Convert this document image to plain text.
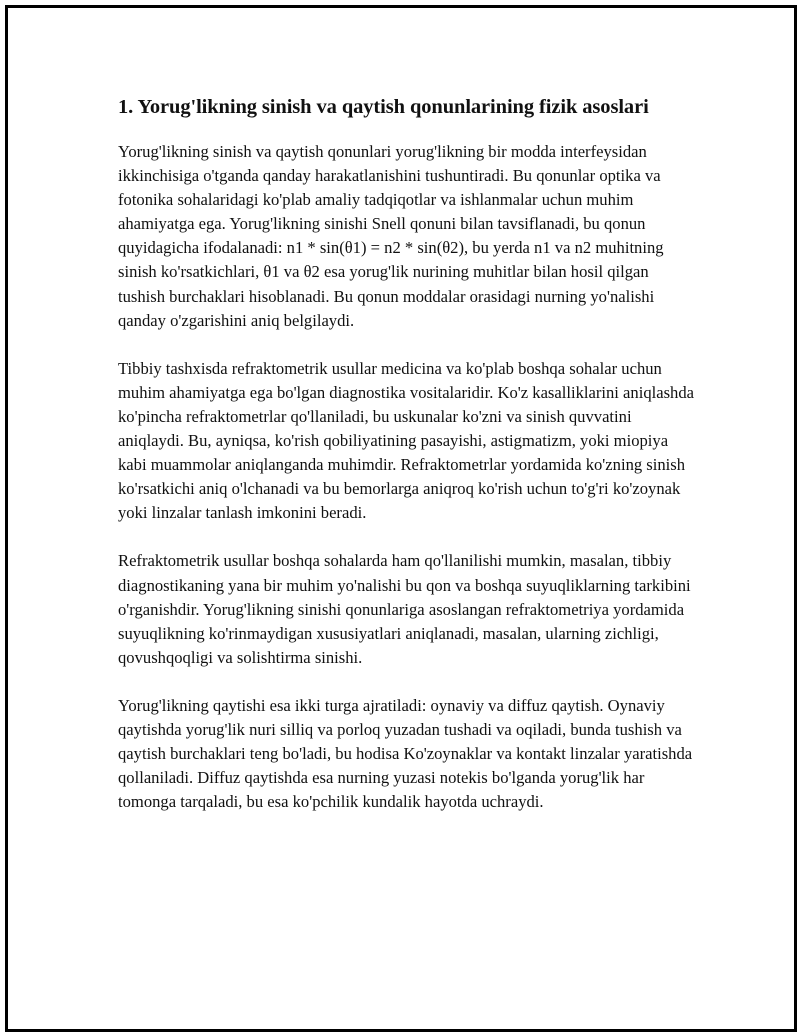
1. Yorug'likning sinish va qaytish qonunlarining fizik asoslari

Yorug'likning sinish va qaytish qonunlari yorug'likning bir modda interfeysidan ikkinchisiga o'tganda qanday harakatlanishini tushuntiradi. Bu qonunlar optika va fotonika sohalaridagi ko'plab amaliy tadqiqotlar va ishlanmalar uchun muhim ahamiyatga ega. Yorug'likning sinishi Snell qonuni bilan tavsiflanadi, bu qonun quyidagicha ifodalanadi: n1 * sin(θ1) = n2 * sin(θ2), bu yerda n1 va n2 muhitning sinish ko'rsatkichlari, θ1 va θ2 esa yorug'lik nurining muhitlar bilan hosil qilgan tushish burchaklari hisoblanadi. Bu qonun moddalar orasidagi nurning yo'nalishi qanday o'zgarishini aniq belgilaydi.

Tibbiy tashxisda refraktometrik usullar medicina va ko'plab boshqa sohalar uchun muhim ahamiyatga ega bo'lgan diagnostika vositalaridir. Ko'z kasalliklarini aniqlashda ko'pincha refraktometrlar qo'llaniladi, bu uskunalar ko'zni va sinish quvvatini aniqlaydi. Bu, ayniqsa, ko'rish qobiliyatining pasayishi, astigmatizm, yoki miopiya kabi muammolar aniqlanganda muhimdir. Refraktometrlar yordamida ko'zning sinish ko'rsatkichi aniq o'lchanadi va bu bemorlarga aniqroq ko'rish uchun to'g'ri ko'zoynak yoki linzalar tanlash imkonini beradi.

Refraktometrik usullar boshqa sohalarda ham qo'llanilishi mumkin, masalan, tibbiy diagnostikaning yana bir muhim yo'nalishi bu qon va boshqa suyuqliklarning tarkibini o'rganishdir. Yorug'likning sinishi qonunlariga asoslangan refraktometriya yordamida suyuqlikning ko'rinmaydigan xususiyatlari aniqlanadi, masalan, ularning zichligi, qovushqoqligi va solishtirma sinishi.

Yorug'likning qaytishi esa ikki turga ajratiladi: oynaviy va diffuz qaytish. Oynaviy qaytishda yorug'lik nuri silliq va porloq yuzadan tushadi va oqiladi, bunda tushish va qaytish burchaklari teng bo'ladi, bu hodisa Ko'zoynaklar va kontakt linzalar yaratishda qollaniladi. Diffuz qaytishda esa nurning yuzasi notekis bo'lganda yorug'lik har tomonga tarqaladi, bu esa ko'pchilik kundalik hayotda uchraydi.
